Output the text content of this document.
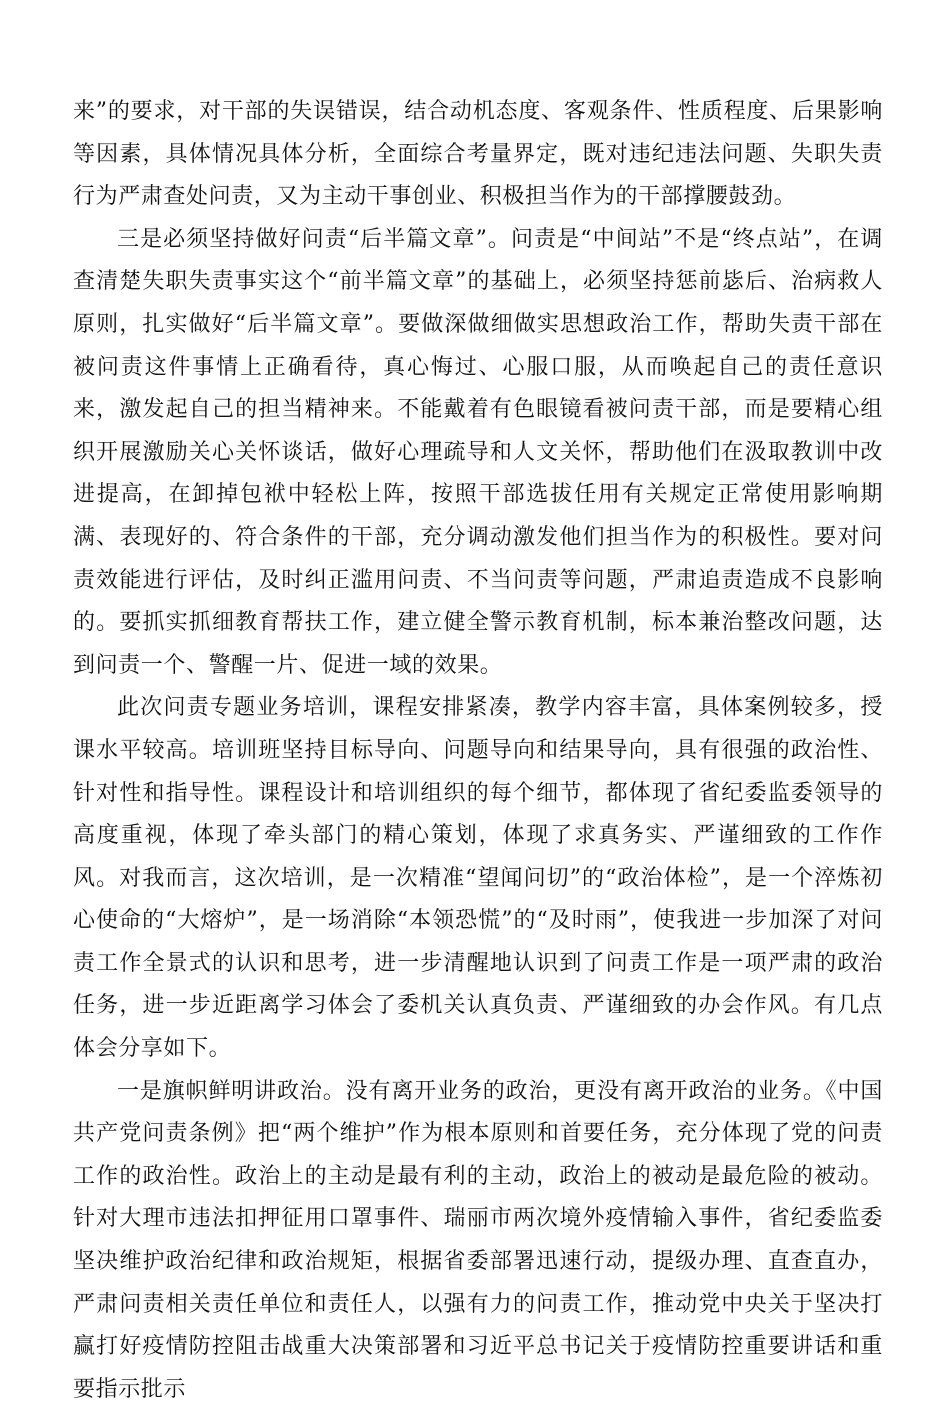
来”的要求，对干部的失误错误，结合动机态度、客观条件、性质程度、后果影响等因素，具体情况具体分析，全面综合考量界定，既对违纪违法问题、失职失责行为严肃查处问责，又为主动干事创业、积极担当作为的干部撑腰鼓劲。

三是必须坚持做好问责“后半篇文章”。问责是“中间站”不是“终点站”，在调查清楚失职失责事实这个“前半篇文章”的基础上，必须坚持惩前毖后、治病救人原则，扎实做好“后半篇文章”。要做深做细做实思想政治工作，帮助失责干部在被问责这件事情上正确看待，真心悔过、心服口服，从而唤起自己的责任意识来，激发起自己的担当精神来。不能戴着有色眼镜看被问责干部，而是要精心组织开展激励关心关怀谈话，做好心理疏导和人文关怀，帮助他们在汲取教训中改进提高，在卸掉包袱中轻松上阵，按照干部选拔任用有关规定正常使用影响期满、表现好的、符合条件的干部，充分调动激发他们担当作为的积极性。要对问责效能进行评估，及时纠正滥用问责、不当问责等问题，严肃追责造成不良影响的。要抓实抓细教育帮扶工作，建立健全警示教育机制，标本兼治整改问题，达到问责一个、警醒一片、促进一域的效果。

此次问责专题业务培训，课程安排紧凑，教学内容丰富，具体案例较多，授课水平较高。培训班坚持目标导向、问题导向和结果导向，具有很强的政治性、针对性和指导性。课程设计和培训组织的每个细节，都体现了省纪委监委领导的高度重视，体现了牵头部门的精心策划，体现了求真务实、严谨细致的工作作风。对我而言，这次培训，是一次精准“望闻问切”的“政治体检”，是一个淬炼初心使命的“大熔炉”，是一场消除“本领恐慌”的“及时雨”，使我进一步加深了对问责工作全景式的认识和思考，进一步清醒地认识到了问责工作是一项严肃的政治任务，进一步近距离学习体会了委机关认真负责、严谨细致的办会作风。有几点体会分享如下。

一是旗帜鲜明讲政治。没有离开业务的政治，更没有离开政治的业务。《中国共产党问责条例》把“两个维护”作为根本原则和首要任务，充分体现了党的问责工作的政治性。政治上的主动是最有利的主动，政治上的被动是最危险的被动。针对大理市违法扣押征用口罩事件、瑞丽市两次境外疫情输入事件，省纪委监委坚决维护政治纪律和政治规矩，根据省委部署迅速行动，提级办理、直查直办，严肃问责相关责任单位和责任人，以强有力的问责工作，推动党中央关于坚决打赢打好疫情防控阻击战重大决策部署和习近平总书记关于疫情防控重要讲话和重要指示批示
